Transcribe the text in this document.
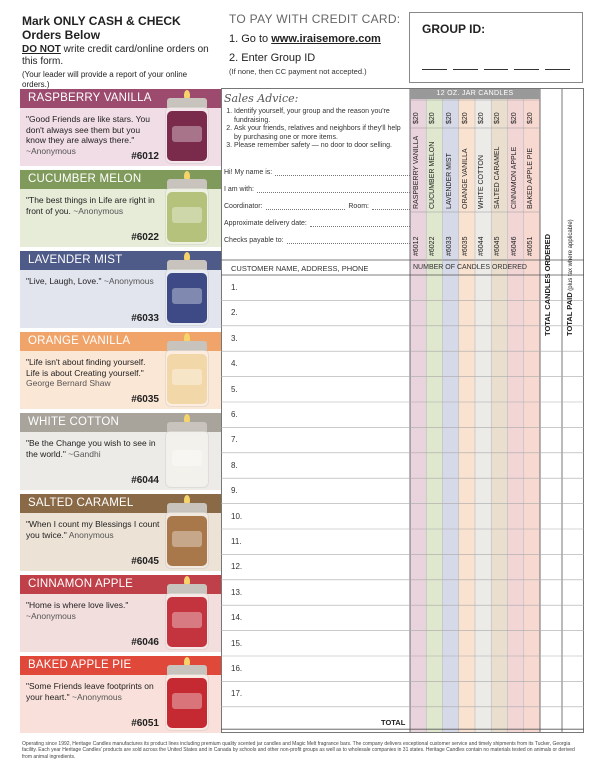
Mark ONLY CASH & CHECK Orders Below
DO NOT write credit card/online orders on this form.
(Your leader will provide a report of your online orders.)
TO PAY WITH CREDIT CARD:
1. Go to www.iraisemore.com
2. Enter Group ID
(If none, then CC payment not accepted.)
GROUP ID:
RASPBERRY VANILLA
"Good Friends are like stars. You don't always see them but you know they are always there." ~Anonymous
#6012
CUCUMBER MELON
"The best things in Life are right in front of you. ~Anonymous
#6022
LAVENDER MIST
"Live, Laugh, Love." ~Anonymous
#6033
ORANGE VANILLA
"Life isn't about finding yourself. Life is about Creating yourself." George Bernard Shaw
#6035
WHITE COTTON
"Be the Change you wish to see in the world." ~Gandhi
#6044
SALTED CARAMEL
"When I count my Blessings I count you twice." Anonymous
#6045
CINNAMON APPLE
"Home is where love lives." ~Anonymous
#6046
BAKED APPLE PIE
"Some Friends leave footprints on your heart." ~Anonymous
#6051
Sales Advice:
1. Identify yourself, your group and the reason you're fundraising.
2. Ask your friends, relatives and neighbors if they'll help by purchasing one or more items.
3. Please remember safety — no door to door selling.
Hi! My name is:
I am with:
Coordinator:	Room:
Approximate delivery date:
Checks payable to:
12 OZ. JAR CANDLES
$20
RASPBERRY VANILLA
#6012
$20
CUCUMBER MELON
#6022
$20
LAVENDER MIST
#6033
$20
ORANGE VANILLA
#6035
$20
WHITE COTTON
#6044
$20
SALTED CARAMEL
#6045
$20
CINNAMON APPLE
#6046
$20
BAKED APPLE PIE
#6051 TOTAL CANDLES ORDERED TOTAL PAID (plus tax where applicable)
CUSTOMER NAME, ADDRESS, PHONE	NUMBER OF CANDLES ORDERED
1.
2.
3.
4.
5.
6.
7.
8.
9.
10.
11.
12.
13.
14.
15.
16.
17.
TOTAL
Operating since 1992, Heritage Candles manufactures its product lines including premium quality scented jar candles and Magic Melt fragrance bars. The company delivers exceptional customer service and timely shipments from its Tucker, Georgia facility. Each year Heritage Candles' products are sold across the United States and in Canada by schools and other non-profit groups as well as to wholesale companies in 31 states. Heritage Candles contain no materials tested on animals or derived from animal ingredients.
